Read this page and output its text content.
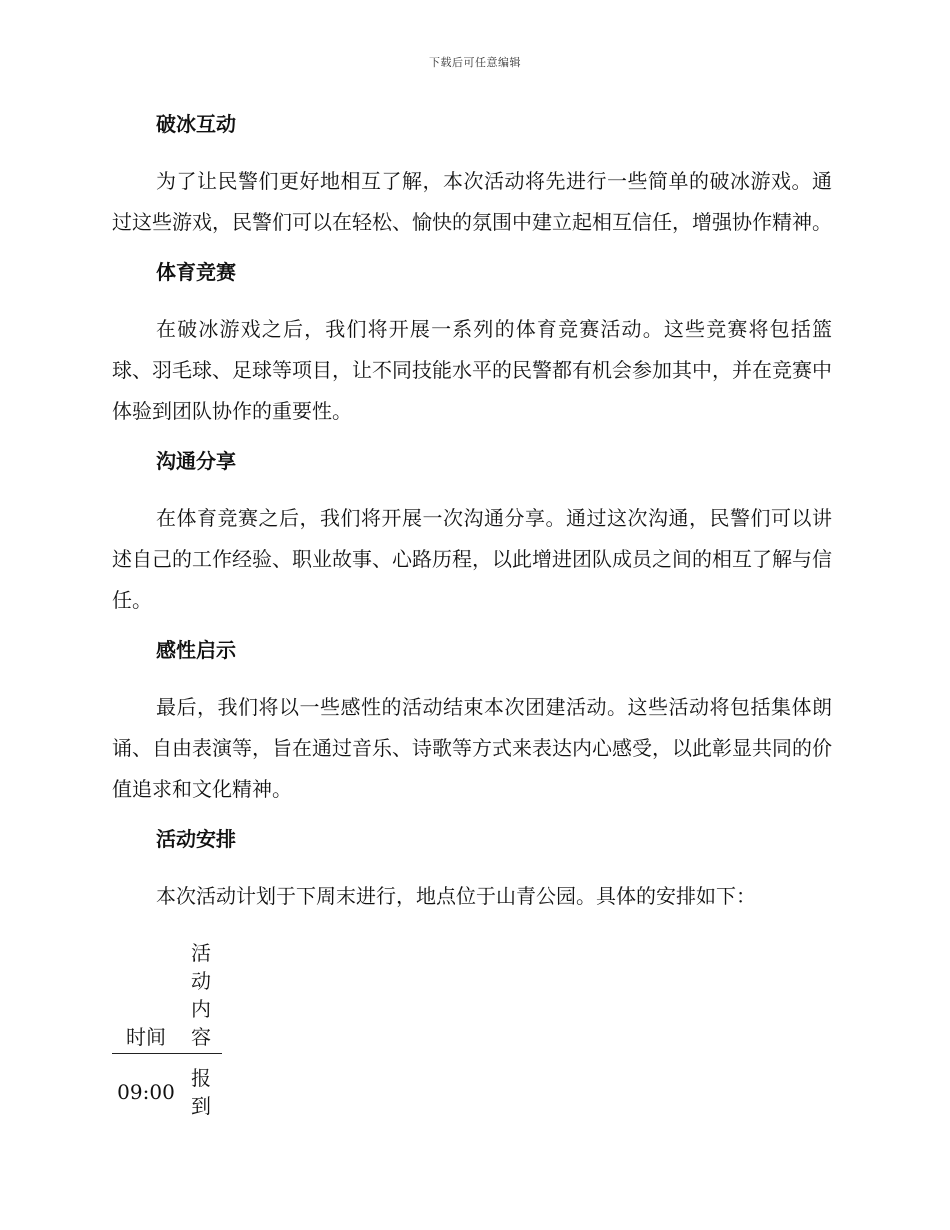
下载后可任意编辑
破冰互动

为了让民警们更好地相互了解，本次活动将先进行一些简单的破冰游戏。通过这些游戏，民警们可以在轻松、愉快的氛围中建立起相互信任，增强协作精神。

体育竞赛

在破冰游戏之后，我们将开展一系列的体育竞赛活动。这些竞赛将包括篮球、羽毛球、足球等项目，让不同技能水平的民警都有机会参加其中，并在竞赛中体验到团队协作的重要性。

沟通分享

在体育竞赛之后，我们将开展一次沟通分享。通过这次沟通，民警们可以讲述自己的工作经验、职业故事、心路历程，以此增进团队成员之间的相互了解与信任。

感性启示

最后，我们将以一些感性的活动结束本次团建活动。这些活动将包括集体朗诵、自由表演等，旨在通过音乐、诗歌等方式来表达内心感受，以此彰显共同的价值追求和文化精神。

活动安排

本次活动计划于下周末进行，地点位于山青公园。具体的安排如下：

时间	活动内容
09:00	报到
